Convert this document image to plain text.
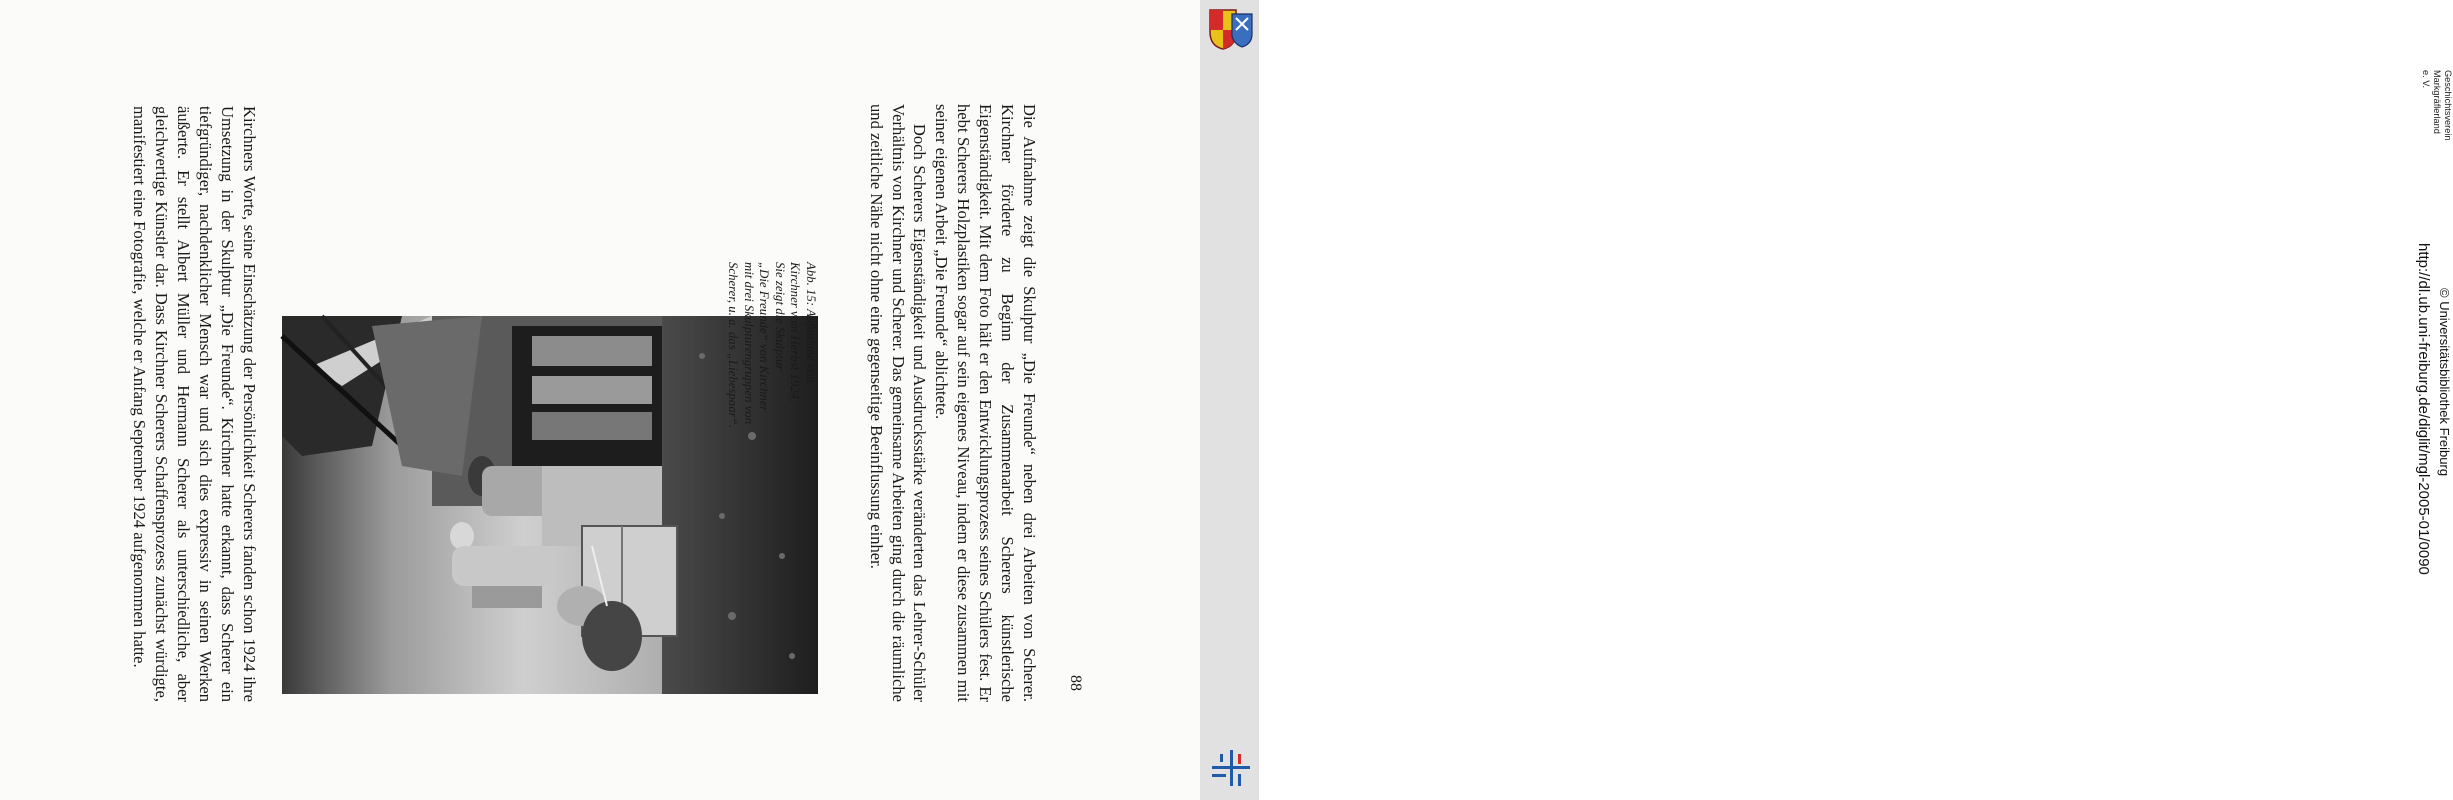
Kirchners Worte, seine Einschätzung der Persönlichkeit Scherers fanden schon 1924 ihre Umsetzung in der Skulptur „Die Freunde“. Kirchner hatte erkannt, dass Scherer ein tiefgründiger, nachdenklicher Mensch war und sich dies expressiv in seinen Werken äußerte. Er stellt Albert Müller und Hermann Scherer als unterschiedliche, aber gleichwertige Künstler dar. Dass Kirchner Scherers Schaffensprozess zunächst würdigte, manifestiert eine Fotografie, welche er Anfang September 1924 aufgenommen hatte.	Abb. 15: Aufnahme von
Kirchner vom Herbst 1924.
Sie zeigt die Skulptur
„Die Freunde“ von Kirchner
mit drei Skulpturengruppen von
Scherer, u. a. das „Liebespaar“.	Die Aufnahme zeigt die Skulptur „Die Freunde“ neben drei Arbeiten von Scherer. Kirchner förderte zu Beginn der Zusammenarbeit Scherers künstlerische Eigenständigkeit. Mit dem Foto hält er den Entwicklungsprozess seines Schülers fest. Er hebt Scherers Holzplastiken sogar auf sein eigenes Niveau, indem er diese zusammen mit seiner eigenen Arbeit „Die Freunde“ ablichtete.

Doch Scherers Eigenständigkeit und Ausdrucksstärke veränderten das Lehrer-Schüler Verhältnis von Kirchner und Scherer. Das gemeinsame Arbeiten ging durch die räumliche und zeitliche Nähe nicht ohne eine gegenseitige Beeinflussung einher.

88
Geschichtsverein
Markgräflerland e. V.
http://dl.ub.uni-freiburg.de/diglit/mgl-2005-01/0090 © Universitätsbibliothek Freiburg
